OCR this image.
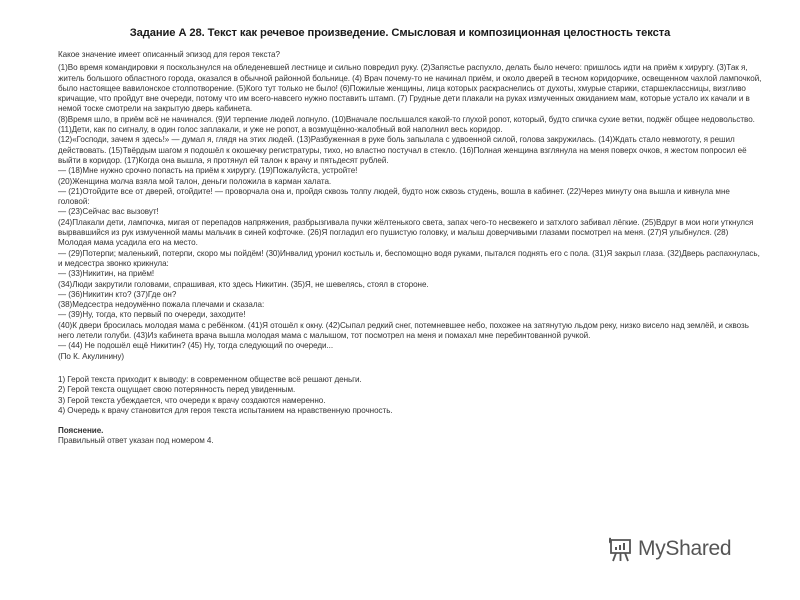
Задание А 28. Текст как речевое произведение. Смысловая и композиционная целостность текста

Какое значение имеет описанный эпизод для героя текста?

(1)Во время командировки я поскользнулся на обледеневшей лестнице и сильно повредил руку. (2)Запястье распухло, делать было нечего: пришлось идти на приём к хирургу. (3)Так я,

житель большого областного города, оказался в обычной районной больнице. (4) Врач почему-то не начинал приём, и около дверей в тесном коридорчике, освещенном чахлой лампочкой, было настоящее вавилонское столпотворение. (5)Кого тут только не было! (6)Пожилые женщины, лица которых раскраснелись от духоты, хмурые старики, старшеклассницы, визгливо кричащие, что пройдут вне очереди, потому что им всего-навсего нужно поставить штамп. (7) Грудные дети плакали на руках измученных ожиданием мам, которые устало их качали и в немой тоске смотрели на закрытую дверь кабинета.

(8)Время шло, в приём всё не начинался. (9)И терпение людей лопнуло. (10)Вначале послышался какой-то глухой ропот, который, будто спичка сухие ветки, поджёг общее недовольство. (11)Дети, как по сигналу, в один голос заплакали, и уже не ропот, а возмущённо-жалобный вой наполнил весь коридор.

(12)«Господи, зачем я здесь!» — думал я, глядя на этих людей. (13)Разбуженная в руке боль запылала с удвоенной силой, голова закружилась. (14)Ждать стало невмоготу, я решил действовать. (15)Твёрдым шагом я подошёл к окошечку регистратуры, тихо, но властно постучал в стекло. (16)Полная женщина взглянула на меня поверх очков, я жестом попросил её выйти в коридор. (17)Когда она вышла, я протянул ей талон к врачу и пятьдесят рублей.

— (18)Мне нужно срочно попасть на приём к хирургу. (19)Пожалуйста, устройте!

(20)Женщина молча взяла мой талон, деньги положила в карман халата.

— (21)Отойдите все от дверей, отойдите! — проворчала она и, пройдя сквозь толпу людей, будто нож сквозь студень, вошла в кабинет. (22)Через минуту она вышла и кивнула мне головой:

— (23)Сейчас вас вызовут!

(24)Плакали дети, лампочка, мигая от перепадов напряжения, разбрызгивала пучки жёлтенького света, запах чего-то несвежего и затхлого забивал лёгкие. (25)Вдруг в мои ноги уткнулся вырвавшийся из рук измученной мамы мальчик в синей кофточке. (26)Я погладил его пушистую головку, и малыш доверчивыми глазами посмотрел на меня. (27)Я улыбнулся. (28) Молодая мама усадила его на место.

— (29)Потерпи; маленький, потерпи, скоро мы пойдём! (30)Инвалид уронил костыль и, беспомощно водя руками, пытался поднять его с пола. (31)Я закрыл глаза. (32)Дверь распахнулась, и медсестра звонко крикнула:

— (33)Никитин, на приём!

(34)Люди закрутили головами, спрашивая, кто здесь Никитин. (35)Я, не шевелясь, стоял в стороне.

— (36)Никитин кто? (37)Где он?

(38)Медсестра недоумённо пожала плечами и сказала:

— (39)Ну, тогда, кто первый по очереди, заходите!

(40)К двери бросилась молодая мама с ребёнком. (41)Я отошёл к окну. (42)Сыпал редкий снег, потемневшее небо, похожее на затянутую льдом реку, низко висело над землёй, и сквозь него летели голуби. (43)Из кабинета врача вышла молодая мама с малышом, тот посмотрел на меня и помахал мне перебинтованной ручкой.

— (44) Не подошёл ещё Никитин? (45) Ну, тогда следующий по очереди...

(По К. Акулинину)

1) Герой текста приходит к выводу: в современном обществе всё решают деньги.

2) Герой текста ощущает свою потерянность перед увиденным.

3) Герой текста убеждается, что очереди к врачу создаются намеренно.

4) Очередь к врачу становится для героя текста испытанием на нравственную прочность.

Пояснение.

Правильный ответ указан под номером 4.

MyShared
